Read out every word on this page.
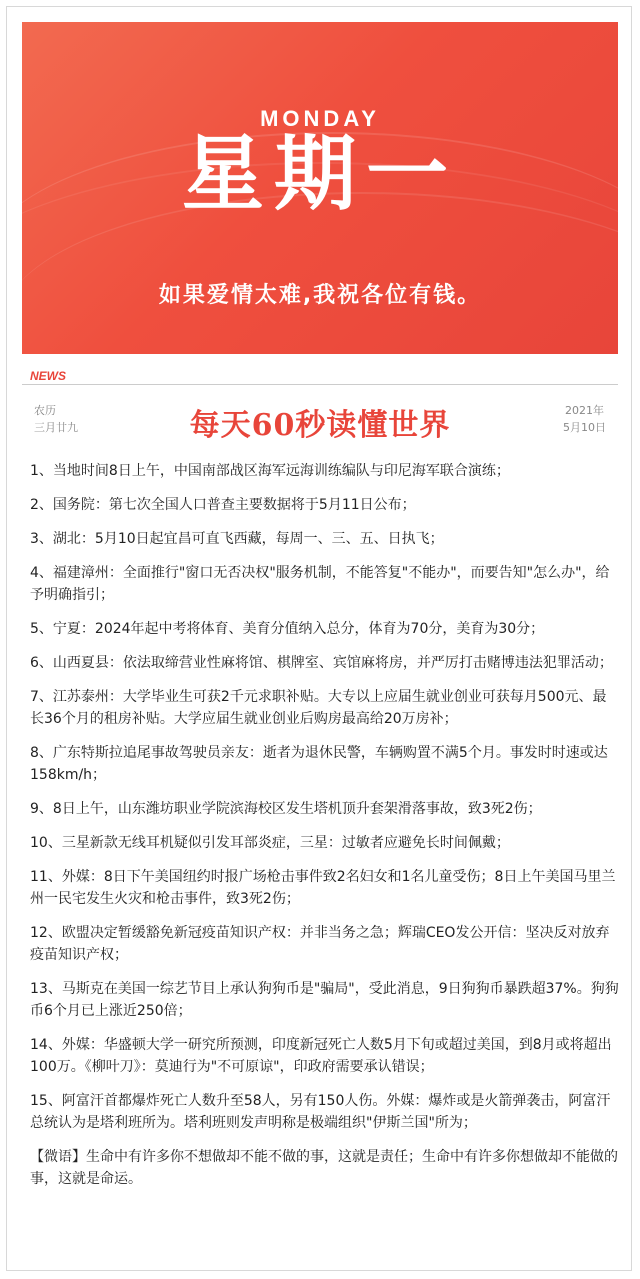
MONDAY
星期一
如果爱情太难,我祝各位有钱。
NEWS
农历
三月廿九	每天60秒读懂世界	2021年
5月10日

1、当地时间8日上午，中国南部战区海军远海训练编队与印尼海军联合演练；

2、国务院：第七次全国人口普查主要数据将于5月11日公布；

3、湖北：5月10日起宜昌可直飞西藏，每周一、三、五、日执飞；

4、福建漳州：全面推行"窗口无否决权"服务机制，不能答复"不能办"，而要告知"怎么办"，给予明确指引；

5、宁夏：2024年起中考将体育、美育分值纳入总分，体育为70分，美育为30分；

6、山西夏县：依法取缔营业性麻将馆、棋牌室、宾馆麻将房，并严厉打击赌博违法犯罪活动；

7、江苏泰州：大学毕业生可获2千元求职补贴。大专以上应届生就业创业可获每月500元、最长36个月的租房补贴。大学应届生就业创业后购房最高给20万房补；

8、广东特斯拉追尾事故驾驶员亲友：逝者为退休民警，车辆购置不满5个月。事发时时速或达158km/h；

9、8日上午，山东潍坊职业学院滨海校区发生塔机顶升套架滑落事故，致3死2伤；

10、三星新款无线耳机疑似引发耳部炎症，三星：过敏者应避免长时间佩戴；

11、外媒：8日下午美国纽约时报广场枪击事件致2名妇女和1名儿童受伤；8日上午美国马里兰州一民宅发生火灾和枪击事件，致3死2伤；

12、欧盟决定暂缓豁免新冠疫苗知识产权：并非当务之急；辉瑞CEO发公开信：坚决反对放弃疫苗知识产权；

13、马斯克在美国一综艺节目上承认狗狗币是"骗局"，受此消息，9日狗狗币暴跌超37%。狗狗币6个月已上涨近250倍；

14、外媒：华盛顿大学一研究所预测，印度新冠死亡人数5月下旬或超过美国，到8月或将超出100万。《柳叶刀》：莫迪行为"不可原谅"，印政府需要承认错误；

15、阿富汗首都爆炸死亡人数升至58人，另有150人伤。外媒：爆炸或是火箭弹袭击，阿富汗总统认为是塔利班所为。塔利班则发声明称是极端组织"伊斯兰国"所为；

【微语】生命中有许多你不想做却不能不做的事，这就是责任；生命中有许多你想做却不能做的事，这就是命运。
